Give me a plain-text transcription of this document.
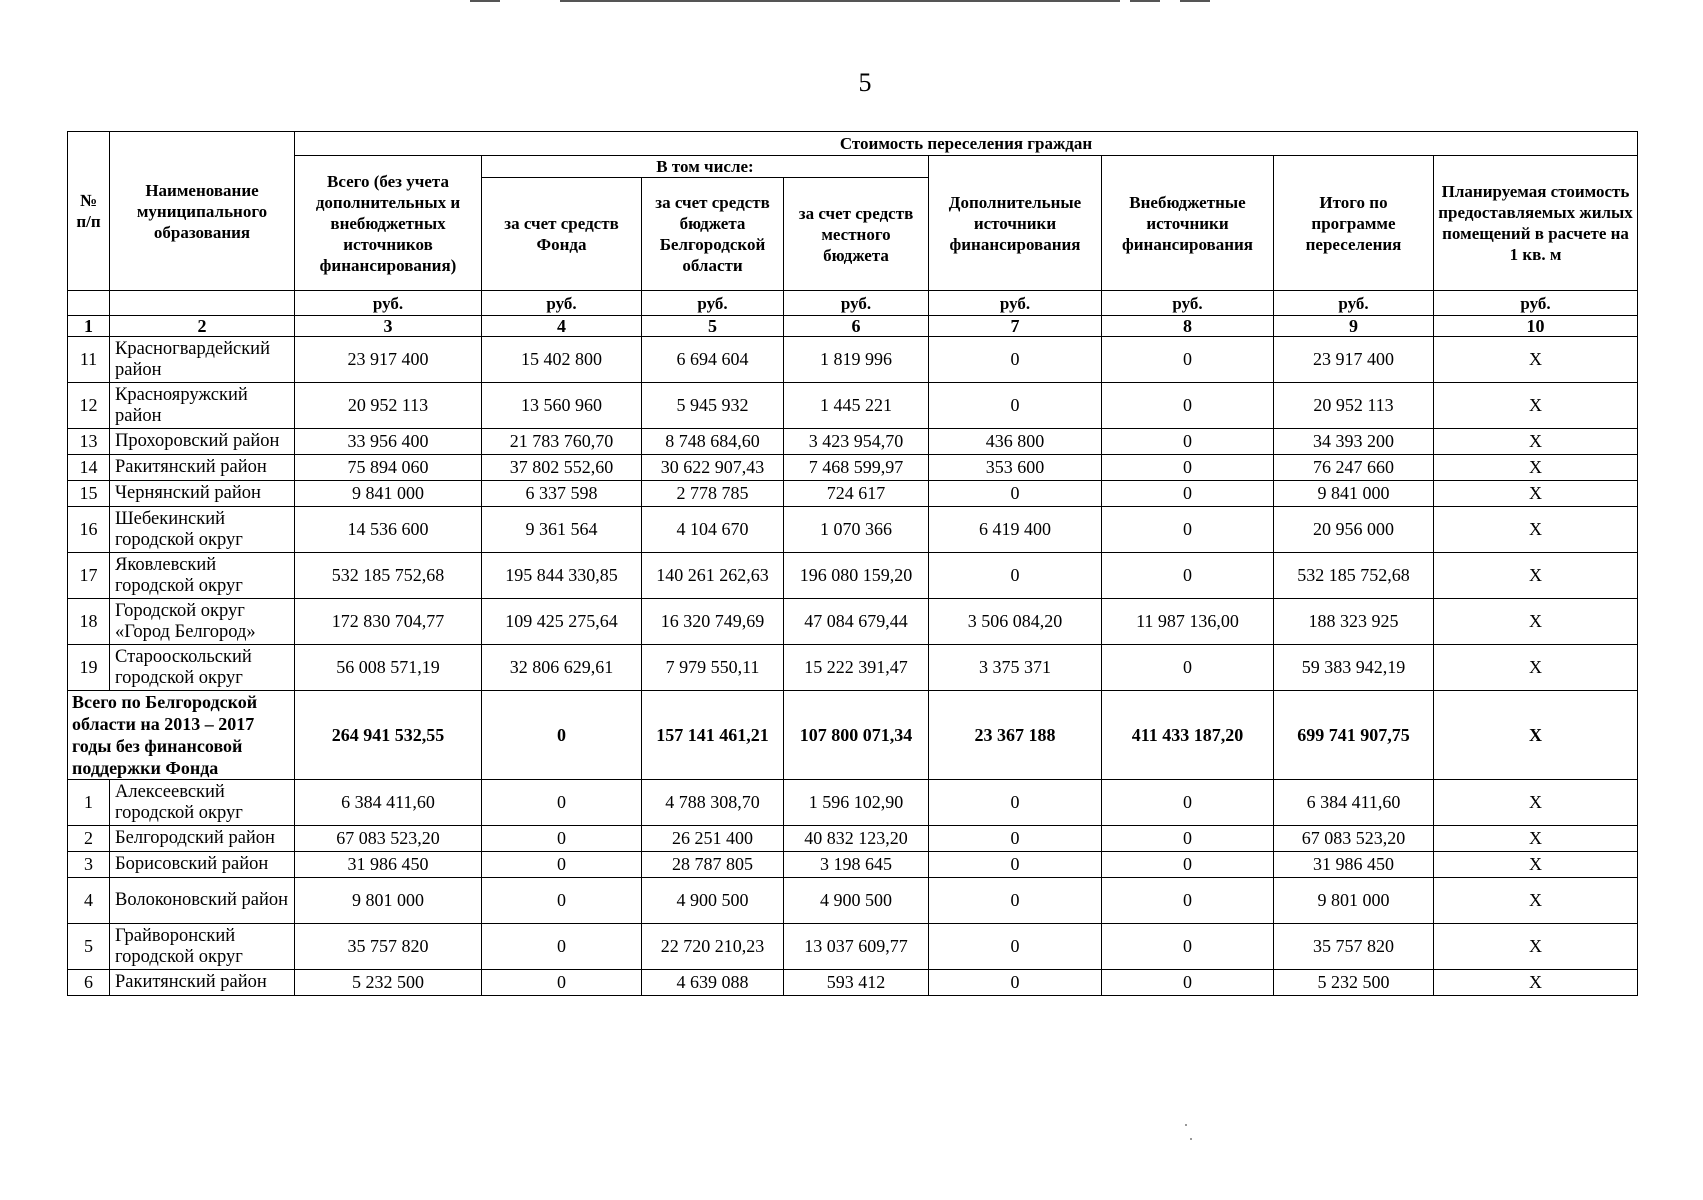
5
№ п/п	Наименование муниципального образования	Стоимость переселения граждан							
		Всего (без учета дополнительных и внебюджетных источников финансирования)	В том числе:			Дополнительные источники финансирования	Внебюджетные источники финансирования	Итого по программе переселения	Планируемая стоимость предоставляемых жилых помещений в расчете на 1 кв. м
			за счет средств Фонда	за счет средств бюджета Белгородской области	за счет средств местного бюджета				
		руб.	руб.	руб.	руб.	руб.	руб.	руб.	руб.
1	2	3	4	5	6	7	8	9	10
11	Красногвардейский район	23 917 400	15 402 800	6 694 604	1 819 996	0	0	23 917 400	X
12	Краснояружский район	20 952 113	13 560 960	5 945 932	1 445 221	0	0	20 952 113	X
13	Прохоровский район	33 956 400	21 783 760,70	8 748 684,60	3 423 954,70	436 800	0	34 393 200	X
14	Ракитянский район	75 894 060	37 802 552,60	30 622 907,43	7 468 599,97	353 600	0	76 247 660	X
15	Чернянский район	9 841 000	6 337 598	2 778 785	724 617	0	0	9 841 000	X
16	Шебекинский городской округ	14 536 600	9 361 564	4 104 670	1 070 366	6 419 400	0	20 956 000	X
17	Яковлевский городской округ	532 185 752,68	195 844 330,85	140 261 262,63	196 080 159,20	0	0	532 185 752,68	X
18	Городской округ «Город Белгород»	172 830 704,77	109 425 275,64	16 320 749,69	47 084 679,44	3 506 084,20	11 987 136,00	188 323 925	X
19	Старооскольский городской округ	56 008 571,19	32 806 629,61	7 979 550,11	15 222 391,47	3 375 371	0	59 383 942,19	X
Всего по Белгородской области на 2013 – 2017 годы без финансовой поддержки Фонда		264 941 532,55	0	157 141 461,21	107 800 071,34	23 367 188	411 433 187,20	699 741 907,75	X
1	Алексеевский городской округ	6 384 411,60	0	4 788 308,70	1 596 102,90	0	0	6 384 411,60	X
2	Белгородский район	67 083 523,20	0	26 251 400	40 832 123,20	0	0	67 083 523,20	X
3	Борисовский район	31 986 450	0	28 787 805	3 198 645	0	0	31 986 450	X
4	Волоконовский район	9 801 000	0	4 900 500	4 900 500	0	0	9 801 000	X
5	Грайворонский городской округ	35 757 820	0	22 720 210,23	13 037 609,77	0	0	35 757 820	X
6	Ракитянский район	5 232 500	0	4 639 088	593 412	0	0	5 232 500	X
